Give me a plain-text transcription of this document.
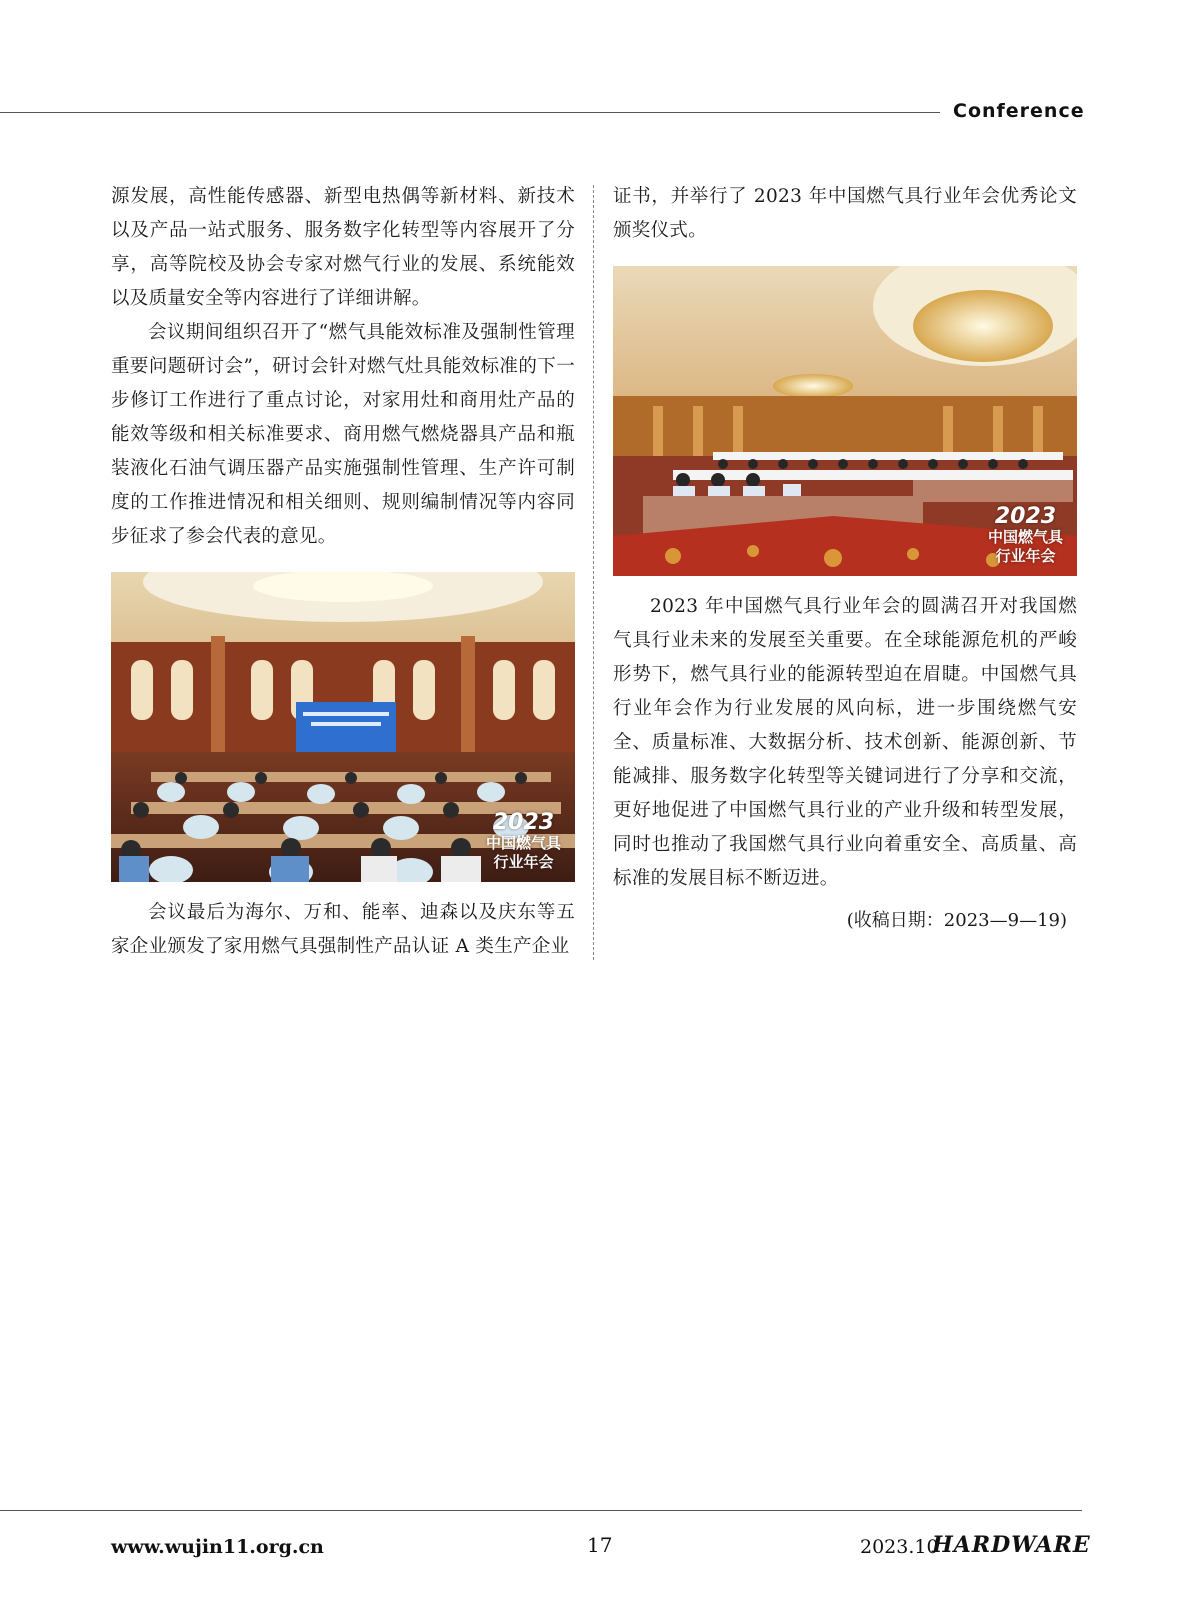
Conference

源发展，高性能传感器、新型电热偶等新材料、新技术以及产品一站式服务、服务数字化转型等内容展开了分享，高等院校及协会专家对燃气行业的发展、系统能效以及质量安全等内容进行了详细讲解。

会议期间组织召开了“燃气具能效标准及强制性管理重要问题研讨会”，研讨会针对燃气灶具能效标准的下一步修订工作进行了重点讨论，对家用灶和商用灶产品的能效等级和相关标准要求、商用燃气燃烧器具产品和瓶装液化石油气调压器产品实施强制性管理、生产许可制度的工作推进情况和相关细则、规则编制情况等内容同步征求了参会代表的意见。

2023
中国燃气具
行业年会

会议最后为海尔、万和、能率、迪森以及庆东等五家企业颁发了家用燃气具强制性产品认证 A 类生产企业

证书，并举行了 2023 年中国燃气具行业年会优秀论文颁奖仪式。

2023
中国燃气具
行业年会

2023 年中国燃气具行业年会的圆满召开对我国燃气具行业未来的发展至关重要。在全球能源危机的严峻形势下，燃气具行业的能源转型迫在眉睫。中国燃气具行业年会作为行业发展的风向标，进一步围绕燃气安全、质量标准、大数据分析、技术创新、能源创新、节能减排、服务数字化转型等关键词进行了分享和交流，更好地促进了中国燃气具行业的产业升级和转型发展，同时也推动了我国燃气具行业向着重安全、高质量、高标准的发展目标不断迈进。

(收稿日期：2023—9—19)
www.wujin11.org.cn	17	2023.10
HARDWARE
